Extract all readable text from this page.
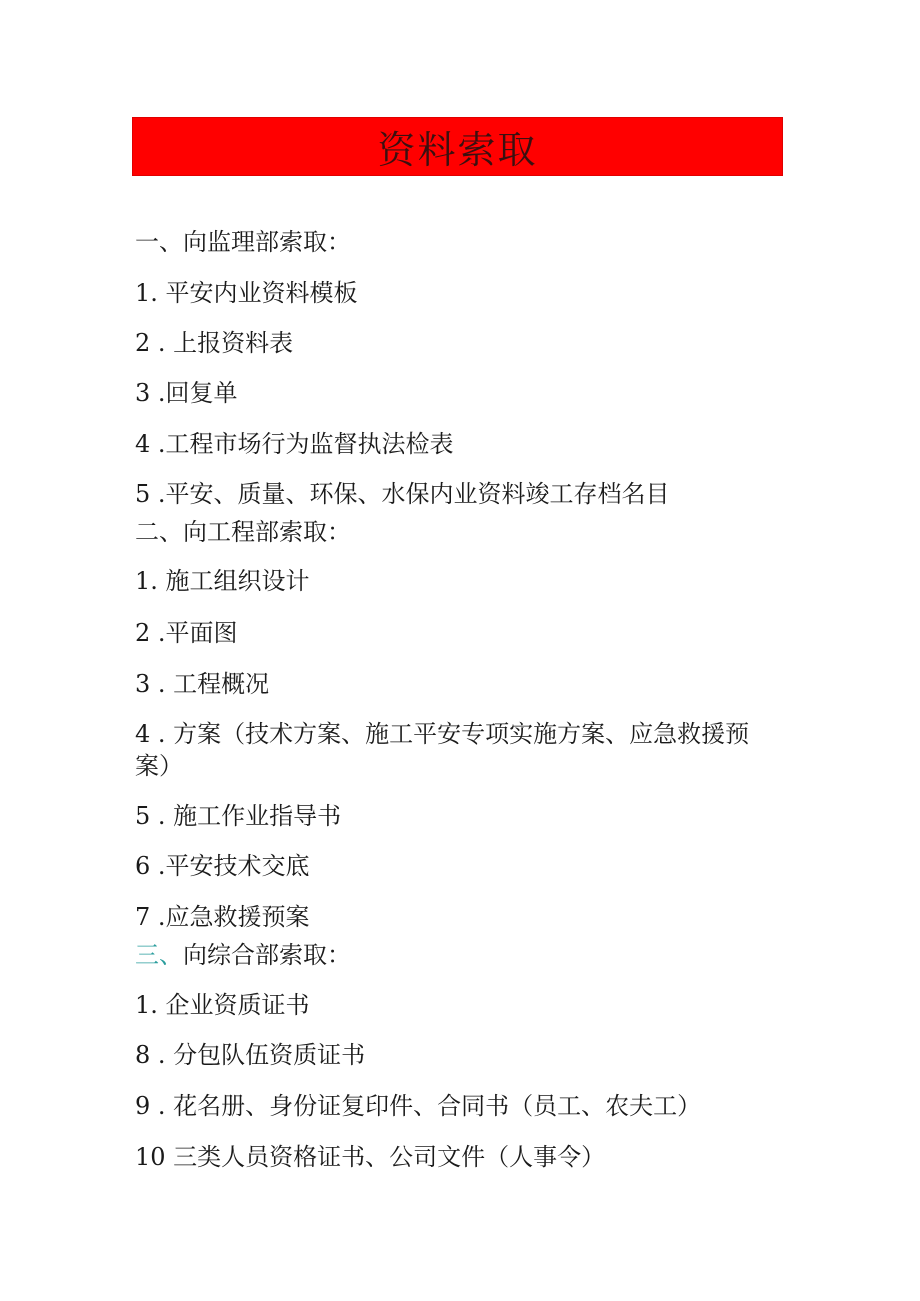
资料索取
一、向监理部索取：
1. 平安内业资料模板
2 . 上报资料表
3 .回复单
4 .工程市场行为监督执法检表
5 .平安、质量、环保、水保内业资料竣工存档名目
二、向工程部索取：
1. 施工组织设计
2 .平面图
3 . 工程概况
4 . 方案（技术方案、施工平安专项实施方案、应急救援预案）
5 . 施工作业指导书
6 .平安技术交底
7 .应急救援预案
三、向综合部索取：
1. 企业资质证书
8 . 分包队伍资质证书
9 . 花名册、身份证复印件、合同书（员工、农夫工）
10 三类人员资格证书、公司文件（人事令）
